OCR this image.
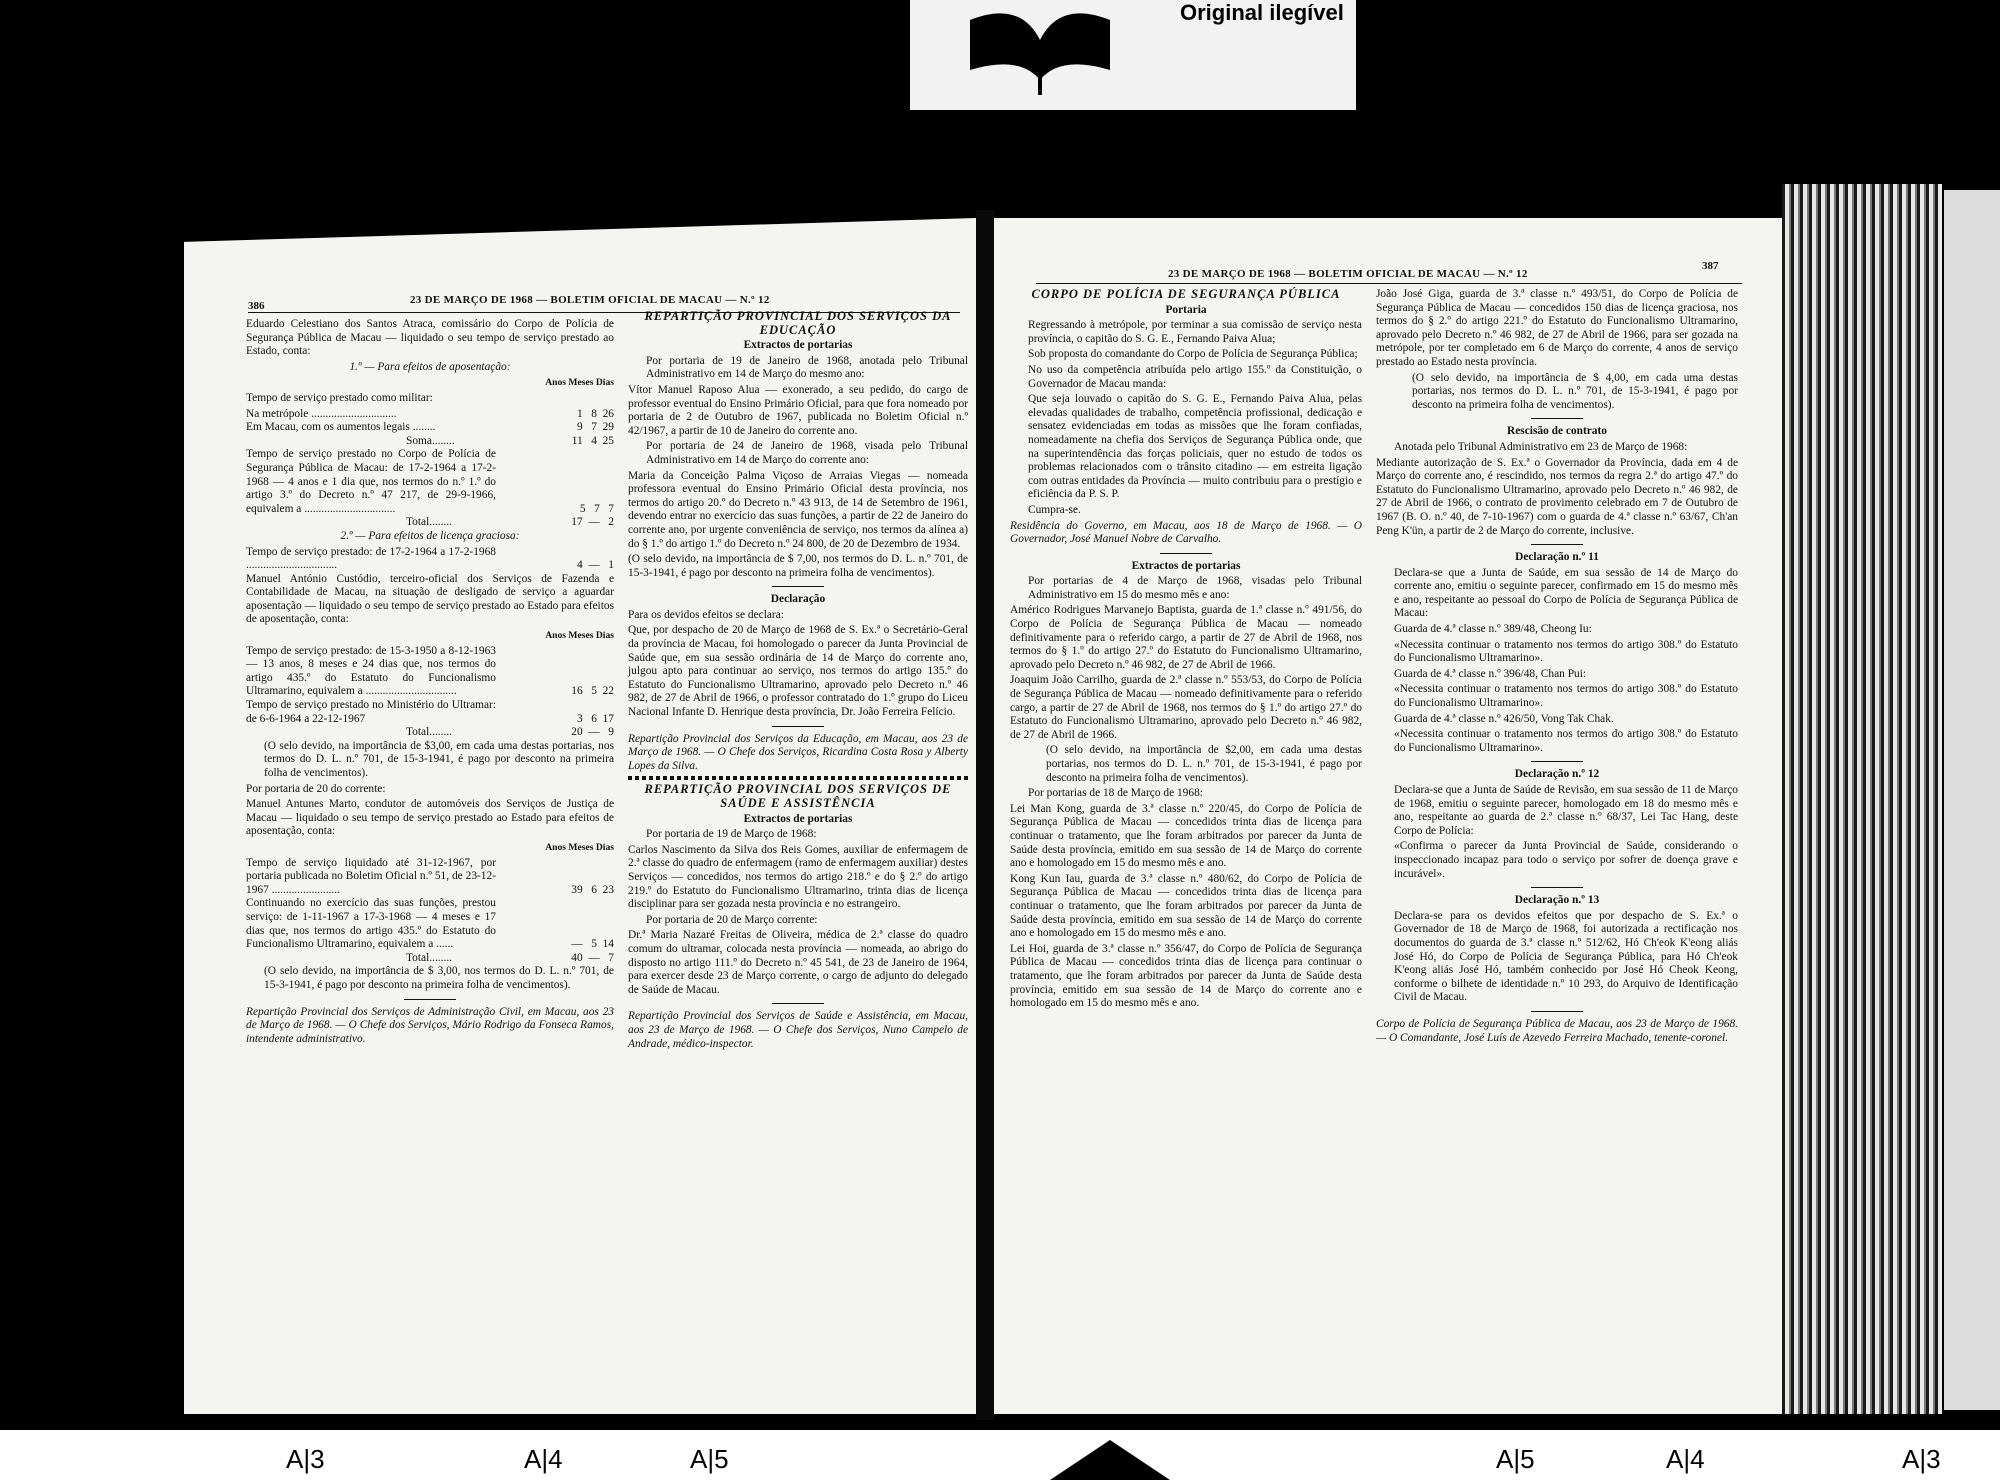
Original ilegível
386	23 DE MARÇO DE 1968 — BOLETIM OFICIAL DE MACAU — N.º 12

Eduardo Celestiano dos Santos Atraca, comissário do Corpo de Polícia de Segurança Pública de Macau — liquidado o seu tempo de serviço prestado ao Estado, conta:

1.º — Para efeitos de aposentação:

Anos Meses Dias

Tempo de serviço prestado como militar:

Na metrópole ..............................	1   8  26
Em Macau, com os aumentos legais ........	9   7  29
Soma........	11   4  25
Tempo de serviço prestado no Corpo de Polícia de Segurança Pública de Macau: de 17-2-1964 a 17-2-1968 — 4 anos e 1 dia que, nos termos do n.º 1.º do artigo 3.º do Decreto n.º 47 217, de 29-9-1966, equivalem a ................................	5   7   7
Total........	17  —   2

2.º — Para efeitos de licença graciosa:

Tempo de serviço prestado: de 17-2-1964 a 17-2-1968 ................................	4  —   1

Manuel António Custódio, terceiro-oficial dos Serviços de Fazenda e Contabilidade de Macau, na situação de desligado de serviço a aguardar aposentação — liquidado o seu tempo de serviço prestado ao Estado para efeitos de aposentação, conta:

Anos Meses Dias

Tempo de serviço prestado: de 15-3-1950 a 8-12-1963 — 13 anos, 8 meses e 24 dias que, nos termos do artigo 435.º do Estatuto do Funcionalismo Ultramarino, equivalem a ................................	16   5  22
Tempo de serviço prestado no Ministério do Ultramar: de 6-6-1964 a 22-12-1967	3   6  17
Total........	20  —   9

(O selo devido, na importância de $3,00, em cada uma destas portarias, nos termos do D. L. n.º 701, de 15-3-1941, é pago por desconto na primeira folha de vencimentos).

Por portaria de 20 do corrente:

Manuel Antunes Marto, condutor de automóveis dos Serviços de Justiça de Macau — liquidado o seu tempo de serviço prestado ao Estado para efeitos de aposentação, conta:

Anos Meses Dias

Tempo de serviço liquidado até 31-12-1967, por portaria publicada no Boletim Oficial n.º 51, de 23-12-1967 ........................	39   6  23
Continuando no exercício das suas funções, prestou serviço: de 1-11-1967 a 17-3-1968 — 4 meses e 17 dias que, nos termos do artigo 435.º do Estatuto do Funcionalismo Ultramarino, equivalem a ......	—   5  14
Total........	40  —   7

(O selo devido, na importância de $ 3,00, nos termos do D. L. n.º 701, de 15-3-1941, é pago por desconto na primeira folha de vencimentos).

Repartição Provincial dos Serviços de Administração Civil, em Macau, aos 23 de Março de 1968. — O Chefe dos Serviços, Mário Rodrigo da Fonseca Ramos, intendente administrativo.

REPARTIÇÃO PROVINCIAL DOS SERVIÇOS DA EDUCAÇÃO

Extractos de portarias

Por portaria de 19 de Janeiro de 1968, anotada pelo Tribunal Administrativo em 14 de Março do mesmo ano:

Vítor Manuel Raposo Alua — exonerado, a seu pedido, do cargo de professor eventual do Ensino Primário Oficial, para que fora nomeado por portaria de 2 de Outubro de 1967, publicada no Boletim Oficial n.º 42/1967, a partir de 10 de Janeiro do corrente ano.

Por portaria de 24 de Janeiro de 1968, visada pelo Tribunal Administrativo em 14 de Março do corrente ano:

Maria da Conceição Palma Viçoso de Arraias Viegas — nomeada professora eventual do Ensino Primário Oficial desta província, nos termos do artigo 20.º do Decreto n.º 43 913, de 14 de Setembro de 1961, devendo entrar no exercício das suas funções, a partir de 22 de Janeiro do corrente ano, por urgente conveniência de serviço, nos termos da alínea a) do § 1.º do artigo 1.º do Decreto n.º 24 800, de 20 de Dezembro de 1934.

(O selo devido, na importância de $ 7,00, nos termos do D. L. n.º 701, de 15-3-1941, é pago por desconto na primeira folha de vencimentos).

Declaração

Para os devidos efeitos se declara:

Que, por despacho de 20 de Março de 1968 de S. Ex.ª o Secretário-Geral da província de Macau, foi homologado o parecer da Junta Provincial de Saúde que, em sua sessão ordinária de 14 de Março do corrente ano, julgou apto para continuar ao serviço, nos termos do artigo 135.º do Estatuto do Funcionalismo Ultramarino, aprovado pelo Decreto n.º 46 982, de 27 de Abril de 1966, o professor contratado do 1.º grupo do Liceu Nacional Infante D. Henrique desta província, Dr. João Ferreira Felício.

Repartição Provincial dos Serviços da Educação, em Macau, aos 23 de Março de 1968. — O Chefe dos Serviços, Ricardina Costa Rosa y Alberty Lopes da Silva.

REPARTIÇÃO PROVINCIAL DOS SERVIÇOS DE SAÚDE E ASSISTÊNCIA

Extractos de portarias

Por portaria de 19 de Março de 1968:

Carlos Nascimento da Silva dos Reis Gomes, auxiliar de enfermagem de 2.ª classe do quadro de enfermagem (ramo de enfermagem auxiliar) destes Serviços — concedidos, nos termos do artigo 218.º e do § 2.º do artigo 219.º do Estatuto do Funcionalismo Ultramarino, trinta dias de licença disciplinar para ser gozada nesta província e no estrangeiro.

Por portaria de 20 de Março corrente:

Dr.ª Maria Nazaré Freitas de Oliveira, médica de 2.ª classe do quadro comum do ultramar, colocada nesta província — nomeada, ao abrigo do disposto no artigo 111.º do Decreto n.º 45 541, de 23 de Janeiro de 1964, para exercer desde 23 de Março corrente, o cargo de adjunto do delegado de Saúde de Macau.

Repartição Provincial dos Serviços de Saúde e Assistência, em Macau, aos 23 de Março de 1968. — O Chefe dos Serviços, Nuno Campelo de Andrade, médico-inspector.

23 DE MARÇO DE 1968 — BOLETIM OFICIAL DE MACAU — N.º 12
387

CORPO DE POLÍCIA DE SEGURANÇA PÚBLICA

Portaria

Regressando à metrópole, por terminar a sua comissão de serviço nesta província, o capitão do S. G. E., Fernando Paiva Alua;

Sob proposta do comandante do Corpo de Polícia de Segurança Pública;

No uso da competência atribuída pelo artigo 155.º da Constituição, o Governador de Macau manda:

Que seja louvado o capitão do S. G. E., Fernando Paiva Alua, pelas elevadas qualidades de trabalho, competência profissional, dedicação e sensatez evidenciadas em todas as missões que lhe foram confiadas, nomeadamente na chefia dos Serviços de Segurança Pública onde, que na superintendência das forças policiais, quer no estudo de todos os problemas relacionados com o trânsito citadino — em estreita ligação com outras entidades da Província — muito contribuiu para o prestígio e eficiência da P. S. P.

Cumpra-se.

Residência do Governo, em Macau, aos 18 de Março de 1968. — O Governador, José Manuel Nobre de Carvalho.

Extractos de portarias

Por portarias de 4 de Março de 1968, visadas pelo Tribunal Administrativo em 15 do mesmo mês e ano:

Américo Rodrigues Marvanejo Baptista, guarda de 1.ª classe n.º 491/56, do Corpo de Polícia de Segurança Pública de Macau — nomeado definitivamente para o referido cargo, a partir de 27 de Abril de 1968, nos termos do § 1.º do artigo 27.º do Estatuto do Funcionalismo Ultramarino, aprovado pelo Decreto n.º 46 982, de 27 de Abril de 1966.

Joaquim João Carrilho, guarda de 2.ª classe n.º 553/53, do Corpo de Polícia de Segurança Pública de Macau — nomeado definitivamente para o referido cargo, a partir de 27 de Abril de 1968, nos termos do § 1.º do artigo 27.º do Estatuto do Funcionalismo Ultramarino, aprovado pelo Decreto n.º 46 982, de 27 de Abril de 1966.

(O selo devido, na importância de $2,00, em cada uma destas portarias, nos termos do D. L. n.º 701, de 15-3-1941, é pago por desconto na primeira folha de vencimentos).

Por portarias de 18 de Março de 1968:

Lei Man Kong, guarda de 3.ª classe n.º 220/45, do Corpo de Polícia de Segurança Pública de Macau — concedidos trinta dias de licença para continuar o tratamento, que lhe foram arbitrados por parecer da Junta de Saúde desta província, emitido em sua sessão de 14 de Março do corrente ano e homologado em 15 do mesmo mês e ano.

Kong Kun Iau, guarda de 3.ª classe n.º 480/62, do Corpo de Polícia de Segurança Pública de Macau — concedidos trinta dias de licença para continuar o tratamento, que lhe foram arbitrados por parecer da Junta de Saúde desta província, emitido em sua sessão de 14 de Março do corrente ano e homologado em 15 do mesmo mês e ano.

Lei Hoi, guarda de 3.ª classe n.º 356/47, do Corpo de Polícia de Segurança Pública de Macau — concedidos trinta dias de licença para continuar o tratamento, que lhe foram arbitrados por parecer da Junta de Saúde desta província, emitido em sua sessão de 14 de Março do corrente ano e homologado em 15 do mesmo mês e ano.

João José Giga, guarda de 3.ª classe n.º 493/51, do Corpo de Polícia de Segurança Pública de Macau — concedidos 150 dias de licença graciosa, nos termos do § 2.º do artigo 221.º do Estatuto do Funcionalismo Ultramarino, aprovado pelo Decreto n.º 46 982, de 27 de Abril de 1966, para ser gozada na metrópole, por ter completado em 6 de Março do corrente, 4 anos de serviço prestado ao Estado nesta província.

(O selo devido, na importância de $ 4,00, em cada uma destas portarias, nos termos do D. L. n.º 701, de 15-3-1941, é pago por desconto na primeira folha de vencimentos).

Rescisão de contrato

Anotada pelo Tribunal Administrativo em 23 de Março de 1968:

Mediante autorização de S. Ex.ª o Governador da Província, dada em 4 de Março do corrente ano, é rescindido, nos termos da regra 2.ª do artigo 47.º do Estatuto do Funcionalismo Ultramarino, aprovado pelo Decreto n.º 46 982, de 27 de Abril de 1966, o contrato de provimento celebrado em 7 de Outubro de 1967 (B. O. n.º 40, de 7-10-1967) com o guarda de 4.ª classe n.º 63/67, Ch'an Peng K'ün, a partir de 2 de Março do corrente, inclusive.

Declaração n.º 11

Declara-se que a Junta de Saúde, em sua sessão de 14 de Março do corrente ano, emitiu o seguinte parecer, confirmado em 15 do mesmo mês e ano, respeitante ao pessoal do Corpo de Polícia de Segurança Pública de Macau:

Guarda de 4.ª classe n.º 389/48, Cheong Iu:

«Necessita continuar o tratamento nos termos do artigo 308.º do Estatuto do Funcionalismo Ultramarino».

Guarda de 4.ª classe n.º 396/48, Chan Pui:

«Necessita continuar o tratamento nos termos do artigo 308.º do Estatuto do Funcionalismo Ultramarino».

Guarda de 4.ª classe n.º 426/50, Vong Tak Chak.

«Necessita continuar o tratamento nos termos do artigo 308.º do Estatuto do Funcionalismo Ultramarino».

Declaração n.º 12

Declara-se que a Junta de Saúde de Revisão, em sua sessão de 11 de Março de 1968, emitiu o seguinte parecer, homologado em 18 do mesmo mês e ano, respeitante ao guarda de 2.ª classe n.º 68/37, Lei Tac Hang, deste Corpo de Polícia:

«Confirma o parecer da Junta Provincial de Saúde, considerando o inspeccionado incapaz para todo o serviço por sofrer de doença grave e incurável».

Declaração n.º 13

Declara-se para os devidos efeitos que por despacho de S. Ex.ª o Governador de 18 de Março de 1968, foi autorizada a rectificação nos documentos do guarda de 3.ª classe n.º 512/62, Hó Ch'eok K'eong aliás José Hó, do Corpo de Polícia de Segurança Pública, para Hó Ch'eok K'eong aliás José Hó, também conhecido por José Hó Cheok Keong, conforme o bilhete de identidade n.º 10 293, do Arquivo de Identificação Civil de Macau.

Corpo de Polícia de Segurança Pública de Macau, aos 23 de Março de 1968. — O Comandante, José Luís de Azevedo Ferreira Machado, tenente-coronel.

A|3	A|4	A|5	A|5	A|4	A|3
